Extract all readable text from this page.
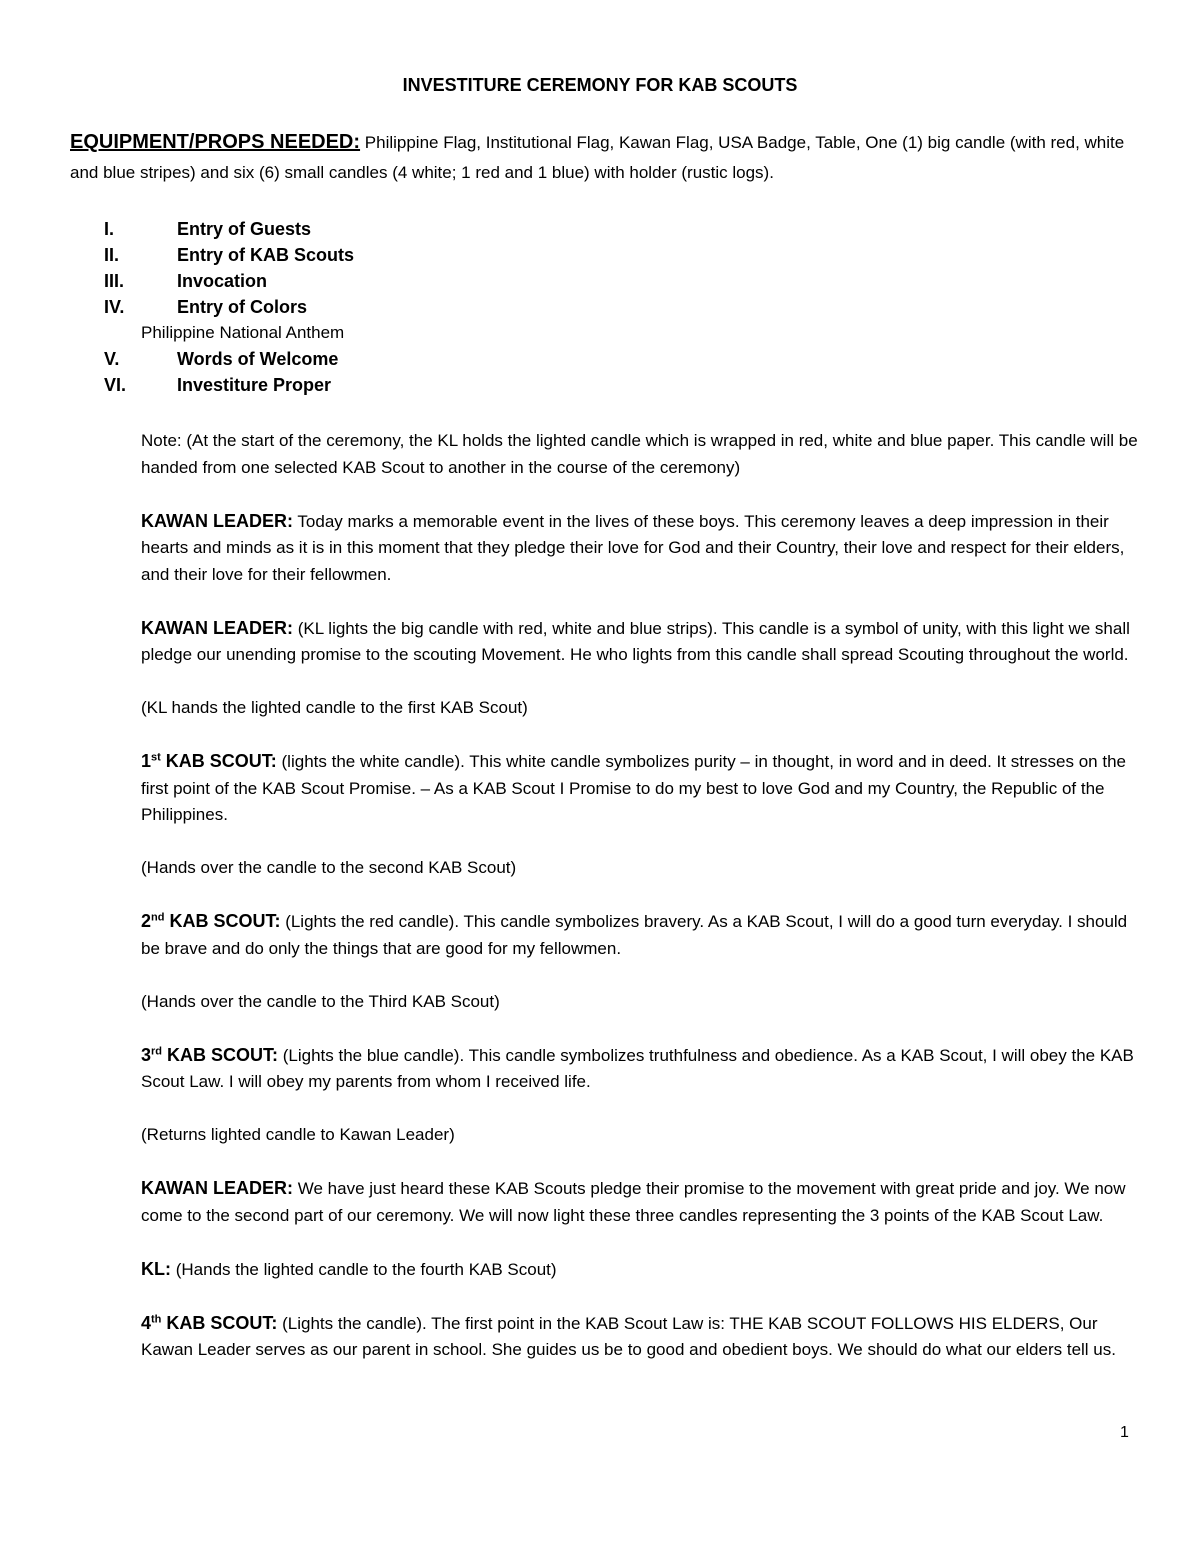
INVESTITURE CEREMONY FOR KAB SCOUTS
EQUIPMENT/PROPS NEEDED: Philippine Flag, Institutional Flag, Kawan Flag, USA Badge, Table, One (1) big candle (with red, white and blue stripes) and six (6) small candles (4 white; 1 red and 1 blue) with holder (rustic logs).
I.	Entry of Guests
II.	Entry of KAB Scouts
III.	Invocation
IV.	Entry of Colors
Philippine National Anthem
V.	Words of Welcome
VI.	Investiture Proper

Note: (At the start of the ceremony, the KL holds the lighted candle which is wrapped in red, white and blue paper. This candle will be handed from one selected KAB Scout to another in the course of the ceremony)

KAWAN LEADER: Today marks a memorable event in the lives of these boys. This ceremony leaves a deep impression in their hearts and minds as it is in this moment that they pledge their love for God and their Country, their love and respect for their elders, and their love for their fellowmen.

KAWAN LEADER: (KL lights the big candle with red, white and blue strips). This candle is a symbol of unity, with this light we shall pledge our unending promise to the scouting Movement. He who lights from this candle shall spread Scouting throughout the world.

(KL hands the lighted candle to the first KAB Scout)

1st KAB SCOUT: (lights the white candle). This white candle symbolizes purity – in thought, in word and in deed. It stresses on the first point of the KAB Scout Promise. – As a KAB Scout I Promise to do my best to love God and my Country, the Republic of the Philippines.

(Hands over the candle to the second KAB Scout)

2nd KAB SCOUT: (Lights the red candle). This candle symbolizes bravery. As a KAB Scout, I will do a good turn everyday. I should be brave and do only the things that are good for my fellowmen.

(Hands over the candle to the Third KAB Scout)

3rd KAB SCOUT: (Lights the blue candle). This candle symbolizes truthfulness and obedience. As a KAB Scout, I will obey the KAB Scout Law. I will obey my parents from whom I received life.

(Returns lighted candle to Kawan Leader)

KAWAN LEADER: We have just heard these KAB Scouts pledge their promise to the movement with great pride and joy. We now come to the second part of our ceremony. We will now light these three candles representing the 3 points of the KAB Scout Law.

KL: (Hands the lighted candle to the fourth KAB Scout)

4th KAB SCOUT: (Lights the candle). The first point in the KAB Scout Law is: THE KAB SCOUT FOLLOWS HIS ELDERS, Our Kawan Leader serves as our parent in school. She guides us be to good and obedient boys. We should do what our elders tell us.

1
